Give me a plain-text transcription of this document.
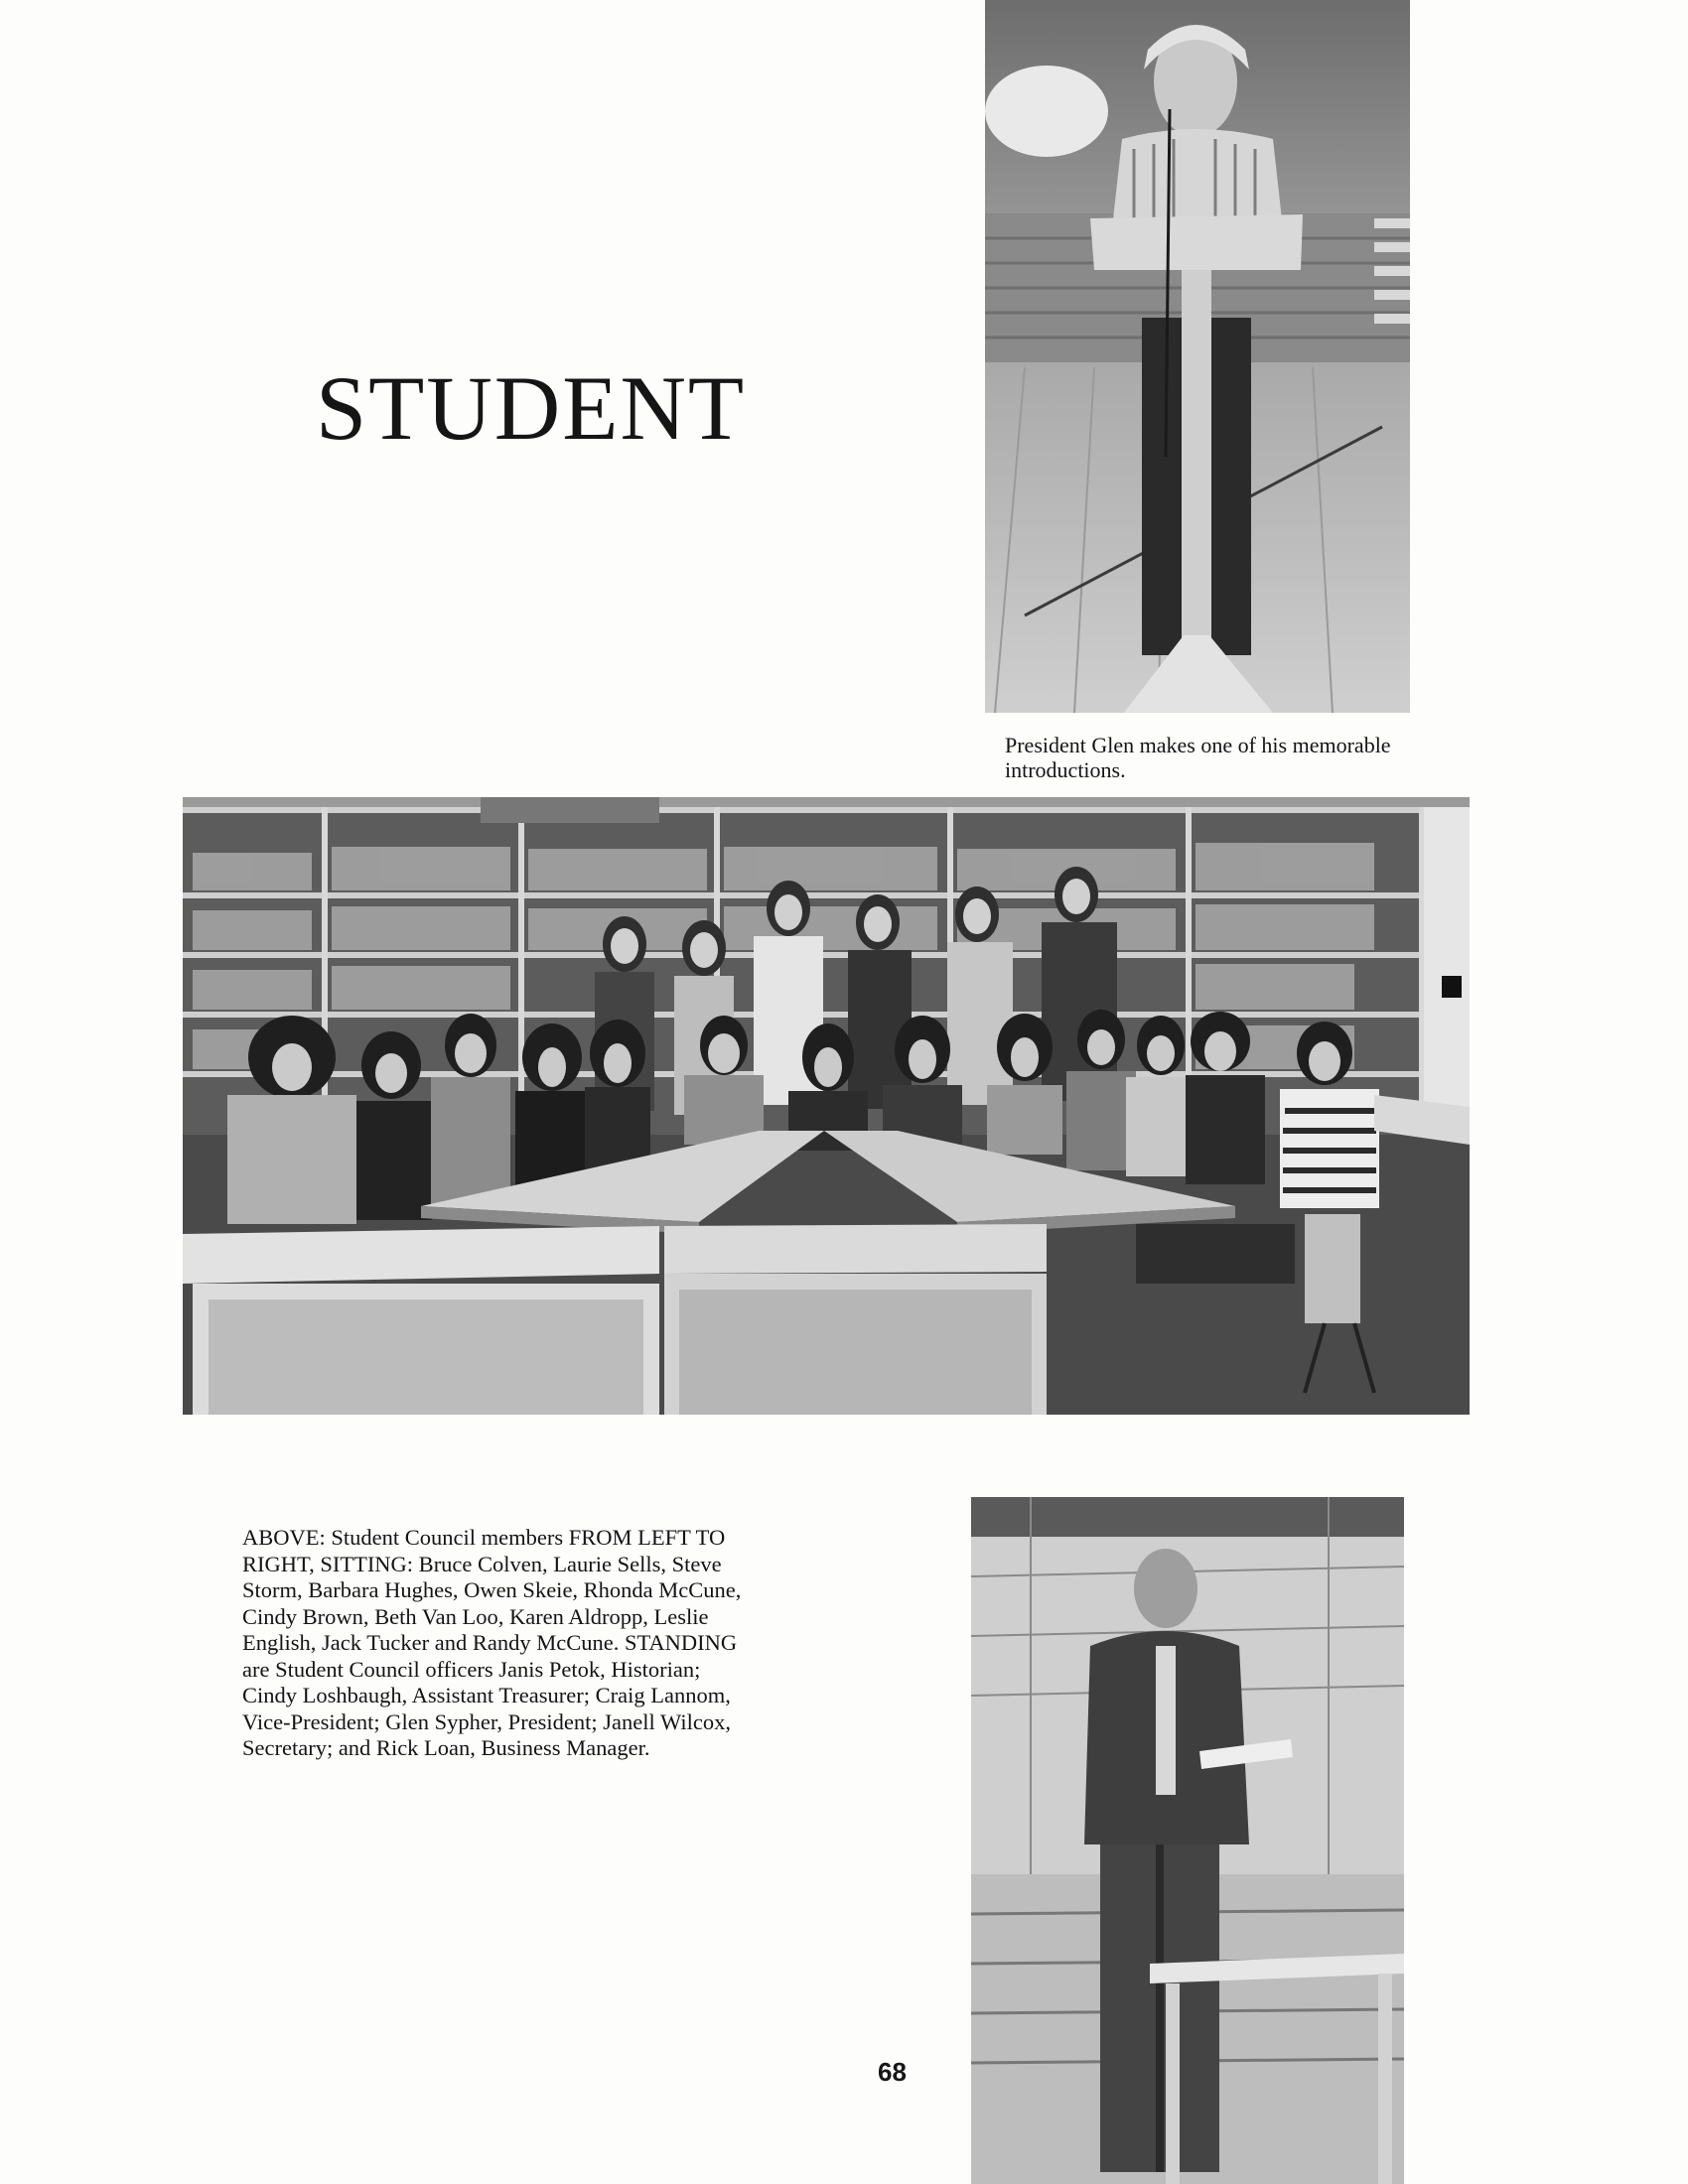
STUDENT

President Glen makes one of his memorable introductions.

ABOVE: Student Council members FROM LEFT TO
RIGHT, SITTING: Bruce Colven, Laurie Sells, Steve
Storm, Barbara Hughes, Owen Skeie, Rhonda McCune,
Cindy Brown, Beth Van Loo, Karen Aldropp, Leslie
English, Jack Tucker and Randy McCune. STANDING
are Student Council officers Janis Petok, Historian;
Cindy Loshbaugh, Assistant Treasurer; Craig Lannom,
Vice-President; Glen Sypher, President; Janell Wilcox,
Secretary; and Rick Loan, Business Manager.

68
